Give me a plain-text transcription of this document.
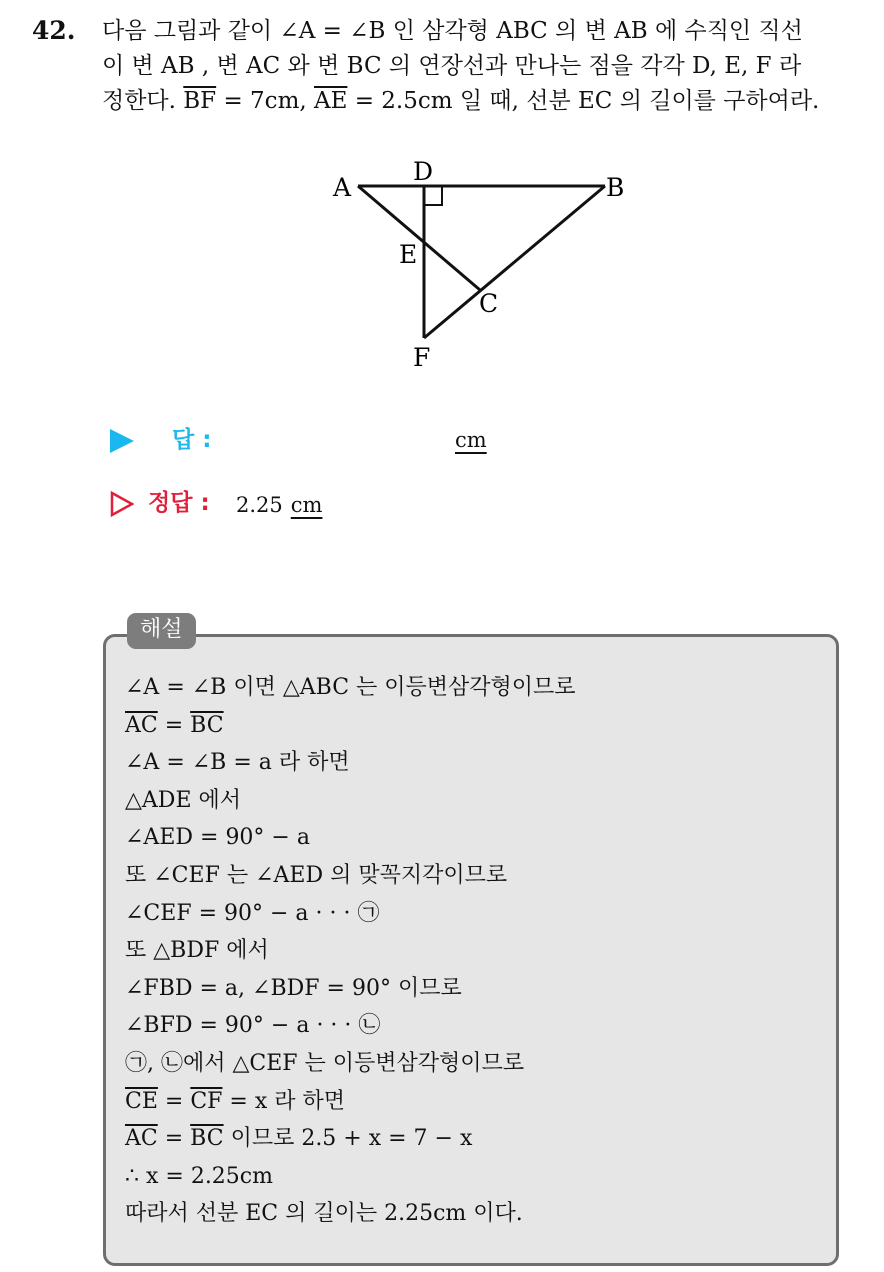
42. 다음 그림과 같이 ∠A = ∠B 인 삼각형 ABC 의 변 AB 에 수직인 직선
이 변 AB , 변 AC 와 변 BC 의 연장선과 만나는 점을 각각 D, E, F 라
정한다. $\overline{BF} = 7cm$, $\overline{AE} = 2.5cm$ 일 때, 선분 EC 의 길이를 구하여라.
A	B
D
E
C
F
답 :	cm
정답 : 2.25 cm
해설
∠A = ∠B 이면 △ABC 는 이등변삼각형이므로
$\overline{AC} = \overline{BC}$
∠A = ∠B = a 라 하면
△ADE 에서
∠AED = 90° − a
또 ∠CEF 는 ∠AED 의 맞꼭지각이므로
∠CEF = 90° − a · · · ㉠
또 △BDF 에서
∠FBD = a, ∠BDF = 90° 이므로
∠BFD = 90° − a · · · ㉡
㉠, ㉡에서 △CEF 는 이등변삼각형이므로
$\overline{CE} = \overline{CF} = x$ 라 하면
$\overline{AC} = \overline{BC}$ 이므로 2.5 + x = 7 − x
∴ x = 2.25cm
따라서 선분 EC 의 길이는 2.25cm 이다.
